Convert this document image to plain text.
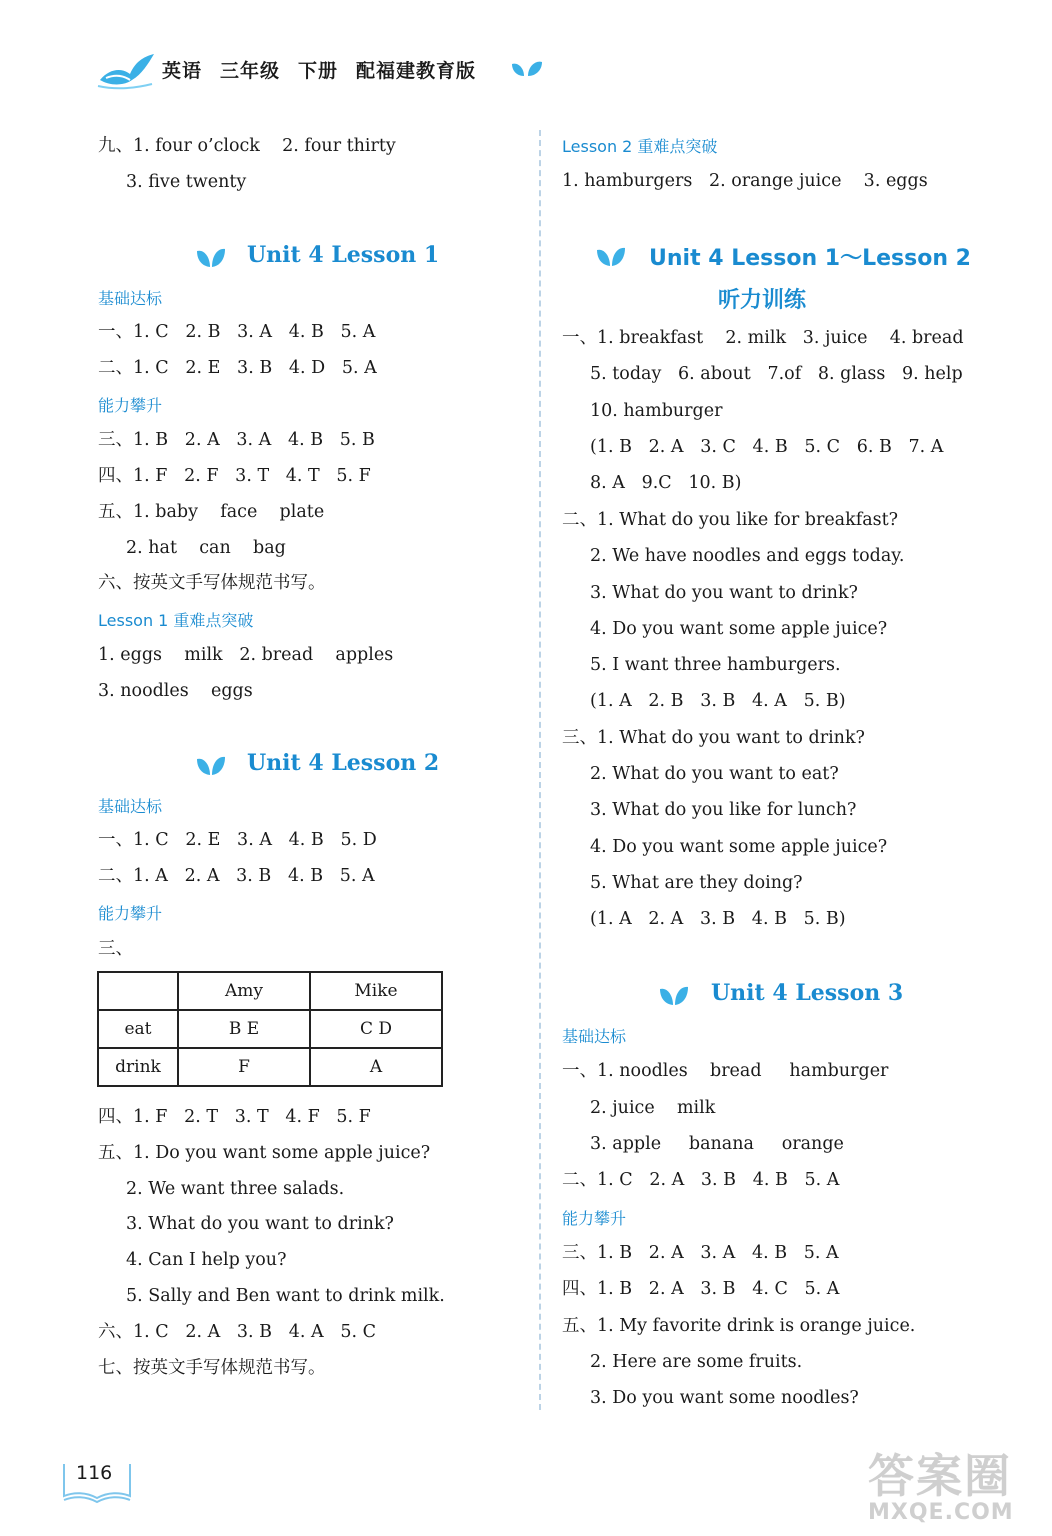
英语 三年级 下册 配福建教育版
九、1. four o’clock    2. four thirty
3. five twenty
Unit 4 Lesson 1
基础达标
一、1. C   2. B   3. A   4. B   5. A
二、1. C   2. E   3. B   4. D   5. A
能力攀升
三、1. B   2. A   3. A   4. B   5. B
四、1. F   2. F   3. T   4. T   5. F
五、1. baby    face    plate
2. hat    can    bag
六、按英文手写体规范书写。
Lesson 1 重难点突破
1. eggs    milk   2. bread    apples
3. noodles    eggs
Unit 4 Lesson 2
基础达标
一、1. C   2. E   3. A   4. B   5. D
二、1. A   2. A   3. B   4. B   5. A
能力攀升
三、
	Amy	Mike
eat	B E	C D
drink	F	A
四、1. F   2. T   3. T   4. F   5. F
五、1. Do you want some apple juice?
2. We want three salads.
3. What do you want to drink?
4. Can I help you?
5. Sally and Ben want to drink milk.
六、1. C   2. A   3. B   4. A   5. C
七、按英文手写体规范书写。
Lesson 2 重难点突破
1. hamburgers   2. orange juice    3. eggs
Unit 4 Lesson 1～Lesson 2
听力训练
一、1. breakfast    2. milk   3. juice    4. bread
5. today   6. about   7.of   8. glass   9. help
10. hamburger
(1. B   2. A   3. C   4. B   5. C   6. B   7. A
8. A   9.C   10. B)
二、1. What do you like for breakfast?
2. We have noodles and eggs today.
3. What do you want to drink?
4. Do you want some apple juice?
5. I want three hamburgers.
(1. A   2. B   3. B   4. A   5. B)
三、1. What do you want to drink?
2. What do you want to eat?
3. What do you like for lunch?
4. Do you want some apple juice?
5. What are they doing?
(1. A   2. A   3. B   4. B   5. B)
Unit 4 Lesson 3
基础达标
一、1. noodles    bread     hamburger
2. juice    milk
3. apple     banana     orange
二、1. C   2. A   3. B   4. B   5. A
能力攀升
三、1. B   2. A   3. A   4. B   5. A
四、1. B   2. A   3. B   4. C   5. A
五、1. My favorite drink is orange juice.
2. Here are some fruits.
3. Do you want some noodles?
116	答案圈
MXQE.COM
